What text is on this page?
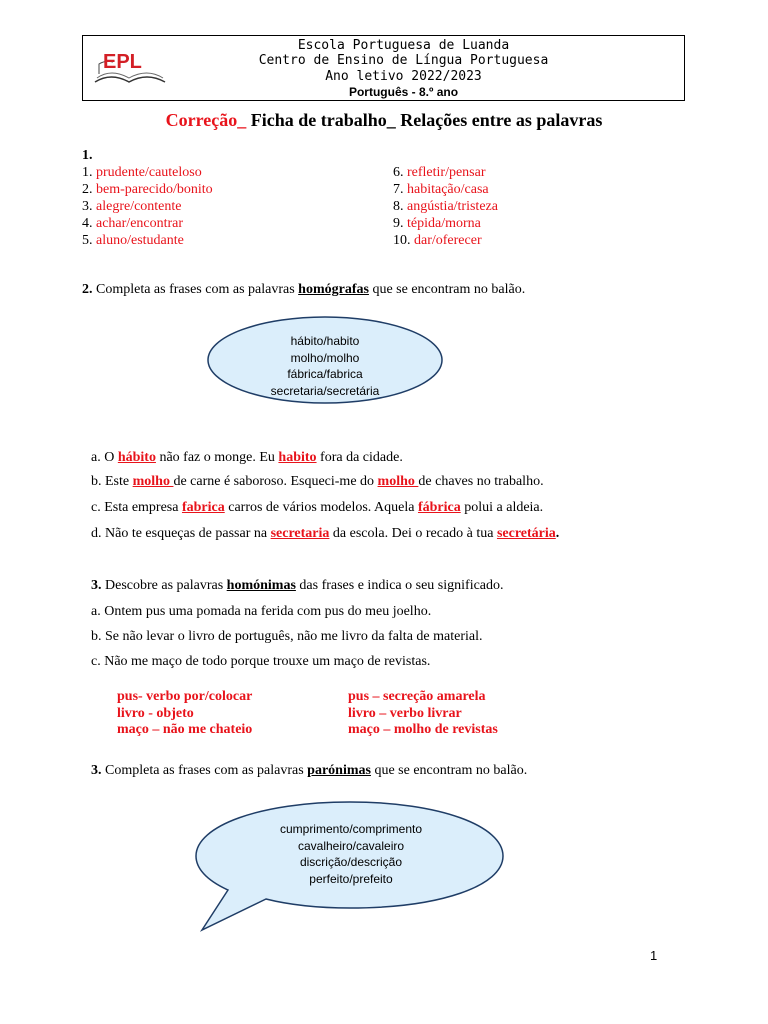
EPL
Escola Portuguesa de Luanda
Centro de Ensino de Língua Portuguesa
Ano letivo 2022/2023
Português - 8.º ano
Correção_ Ficha de trabalho_ Relações entre as palavras
1.
1. prudente/cauteloso
2. bem-parecido/bonito
3. alegre/contente
4. achar/encontrar
5. aluno/estudante
6. refletir/pensar
7. habitação/casa
8. angústia/tristeza
9. tépida/morna
10. dar/oferecer
2. Completa as frases com as palavras homógrafas que se encontram no balão.
hábito/habito
molho/molho
fábrica/fabrica
secretaria/secretária
a. O hábito não faz o monge. Eu habito fora da cidade.
b. Este molho de carne é saboroso. Esqueci-me do molho de chaves no trabalho.
c. Esta empresa fabrica carros de vários modelos. Aquela fábrica polui a aldeia.
d. Não te esqueças de passar na secretaria da escola. Dei o recado à tua secretária.
3. Descobre as palavras homónimas das frases e indica o seu significado.
a. Ontem pus uma pomada na ferida com pus do meu joelho.
b. Se não levar o livro de português, não me livro da falta de material.
c. Não me maço de todo porque trouxe um maço de revistas.
pus- verbo por/colocar
livro - objeto
maço – não me chateio
pus – secreção amarela
livro – verbo livrar
maço – molho de revistas
3. Completa as frases com as palavras parónimas que se encontram no balão.
cumprimento/comprimento
cavalheiro/cavaleiro
discrição/descrição
perfeito/prefeito
1
